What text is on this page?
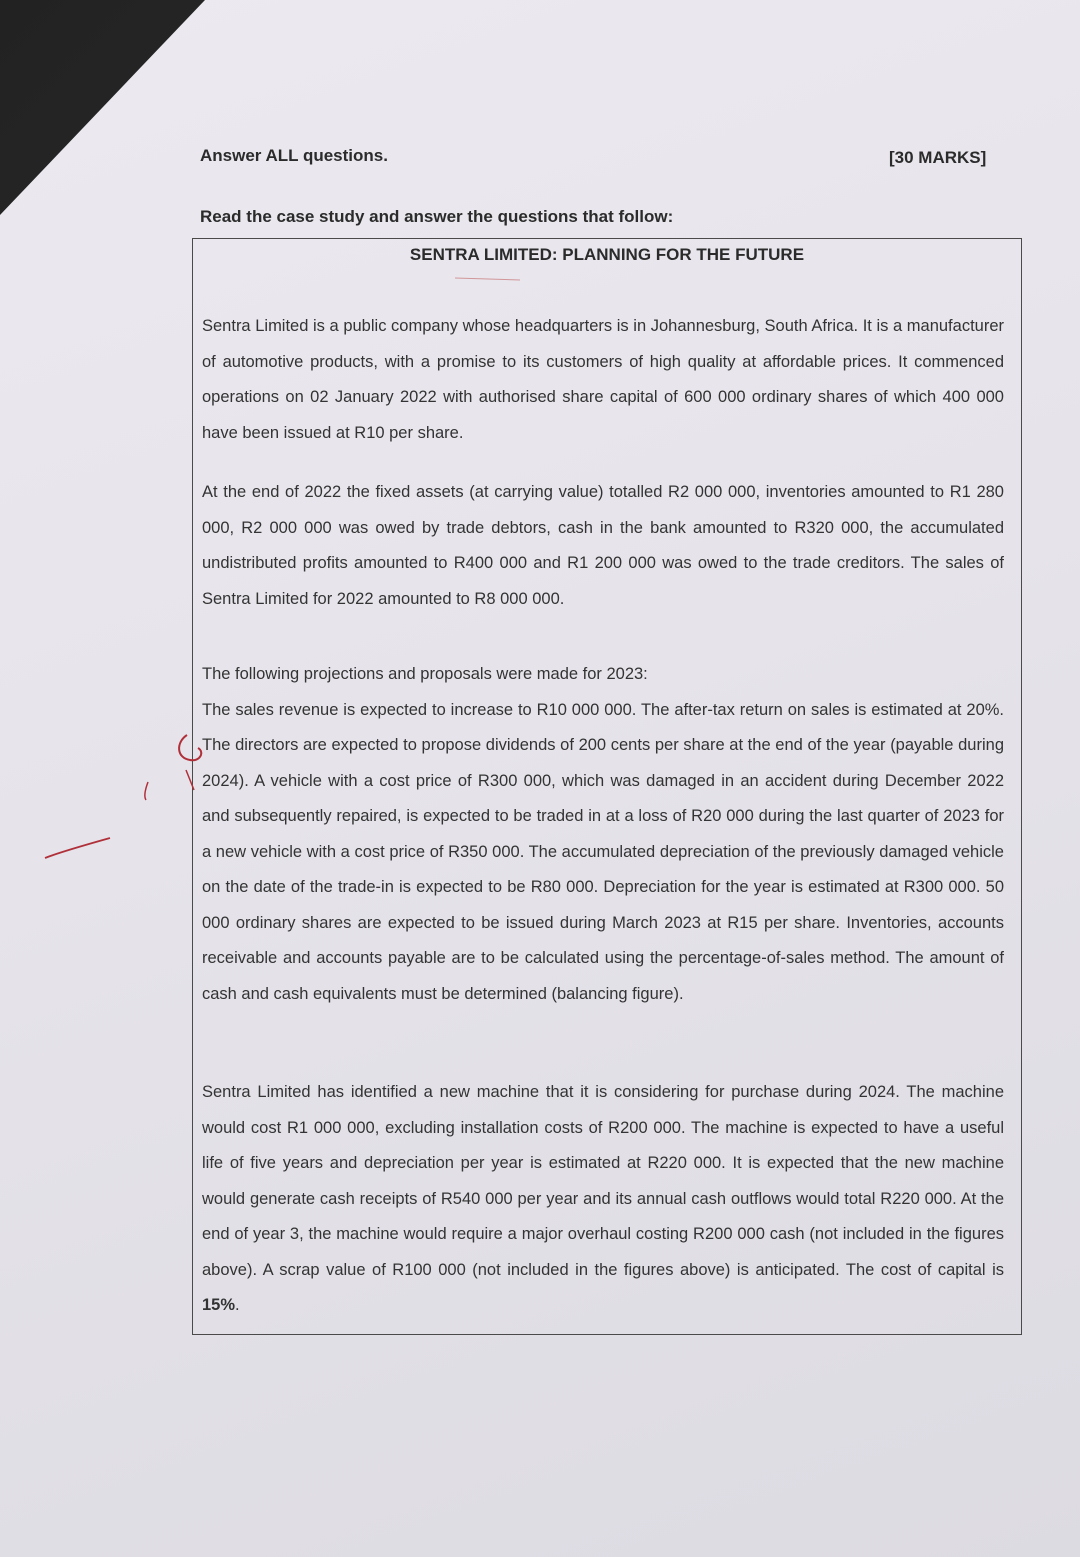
Answer ALL questions.	[30 MARKS]
Read the case study and answer the questions that follow:
SENTRA LIMITED: PLANNING FOR THE FUTURE

Sentra Limited is a public company whose headquarters is in Johannesburg, South Africa. It is a manufacturer of automotive products, with a promise to its customers of high quality at affordable prices. It commenced operations on 02 January 2022 with authorised share capital of 600 000 ordinary shares of which 400 000 have been issued at R10 per share.

At the end of 2022 the fixed assets (at carrying value) totalled R2 000 000, inventories amounted to R1 280 000, R2 000 000 was owed by trade debtors, cash in the bank amounted to R320 000, the accumulated undistributed profits amounted to R400 000 and R1 200 000 was owed to the trade creditors. The sales of Sentra Limited for 2022 amounted to R8 000 000.

The following projections and proposals were made for 2023:

The sales revenue is expected to increase to R10 000 000. The after-tax return on sales is estimated at 20%. The directors are expected to propose dividends of 200 cents per share at the end of the year (payable during 2024). A vehicle with a cost price of R300 000, which was damaged in an accident during December 2022 and subsequently repaired, is expected to be traded in at a loss of R20 000 during the last quarter of 2023 for a new vehicle with a cost price of R350 000. The accumulated depreciation of the previously damaged vehicle on the date of the trade-in is expected to be R80 000. Depreciation for the year is estimated at R300 000. 50 000 ordinary shares are expected to be issued during March 2023 at R15 per share. Inventories, accounts receivable and accounts payable are to be calculated using the percentage-of-sales method. The amount of cash and cash equivalents must be determined (balancing figure).

Sentra Limited has identified a new machine that it is considering for purchase during 2024. The machine would cost R1 000 000, excluding installation costs of R200 000. The machine is expected to have a useful life of five years and depreciation per year is estimated at R220 000. It is expected that the new machine would generate cash receipts of R540 000 per year and its annual cash outflows would total R220 000. At the end of year 3, the machine would require a major overhaul costing R200 000 cash (not included in the figures above). A scrap value of R100 000 (not included in the figures above) is anticipated. The cost of capital is 15%.
